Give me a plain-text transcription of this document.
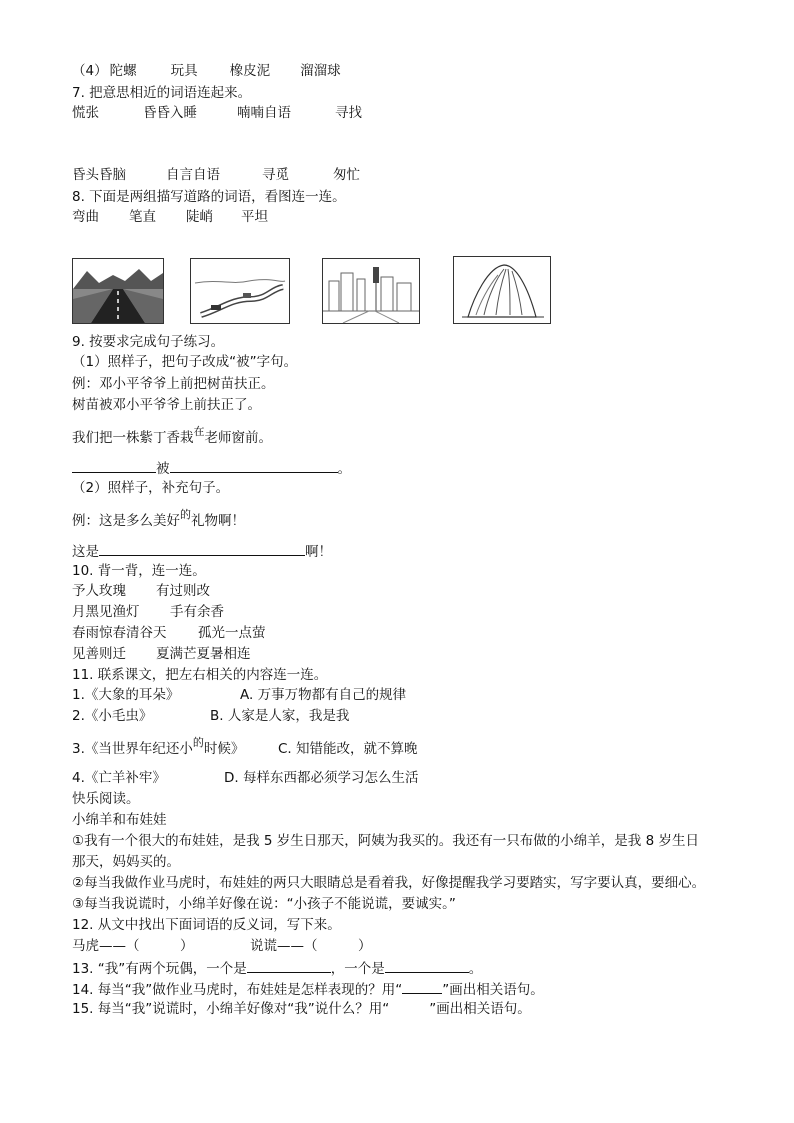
（4） 陀螺	玩具 橡皮泥 溜溜球
7. 把意思相近的词语连起来。
慌张	昏昏入睡	喃喃自语	寻找
昏头昏脑	自言自语	寻觅	匆忙
8. 下面是两组描写道路的词语，看图连一连。
弯曲 笔直 陡峭 平坦
9. 按要求完成句子练习。
（1）照样子，把句子改成“被”字句。
例：邓小平爷爷上前把树苗扶正。
树苗被邓小平爷爷上前扶正了。
我们把一株紫丁香栽$^在$老师窗前。
被	。
（2）照样子，补充句子。
例：这是多么美好$^的$礼物啊！
这是	啊！
10. 背一背，连一连。
予人玫瑰 有过则改
月黑见渔灯 手有余香
春雨惊春清谷天 孤光一点萤
见善则迁 夏满芒夏暑相连
11. 联系课文，把左右相关的内容连一连。
1.《大象的耳朵》	A. 万事万物都有自己的规律
2.《小毛虫》	B. 人家是人家，我是我
3.《当世界年纪还小的时候》 C. 知错能改，就不算晚
4.《亡羊补牢》	D. 每样东西都必须学习怎么生活
快乐阅读。
小绵羊和布娃娃
①我有一个很大的布娃娃，是我 5 岁生日那天，阿姨为我买的。我还有一只布做的小绵羊，是我 8 岁生日
那天，妈妈买的。
②每当我做作业马虎时，布娃娃的两只大眼睛总是看着我，好像提醒我学习要踏实，写字要认真，要细心。
③每当我说谎时，小绵羊好像在说：“小孩子不能说谎，要诚实。”
12. 从文中找出下面词语的反义词，写下来。
马虎——（　　　）	说谎——（　　　）
13. “我”有两个玩偶，一个是	，一个是	。
14. 每当“我”做作业马虎时，布娃娃是怎样表现的？用“	”画出相关语句。
15. 每当“我”说谎时，小绵羊好像对“我”说什么？用“	”画出相关语句。
